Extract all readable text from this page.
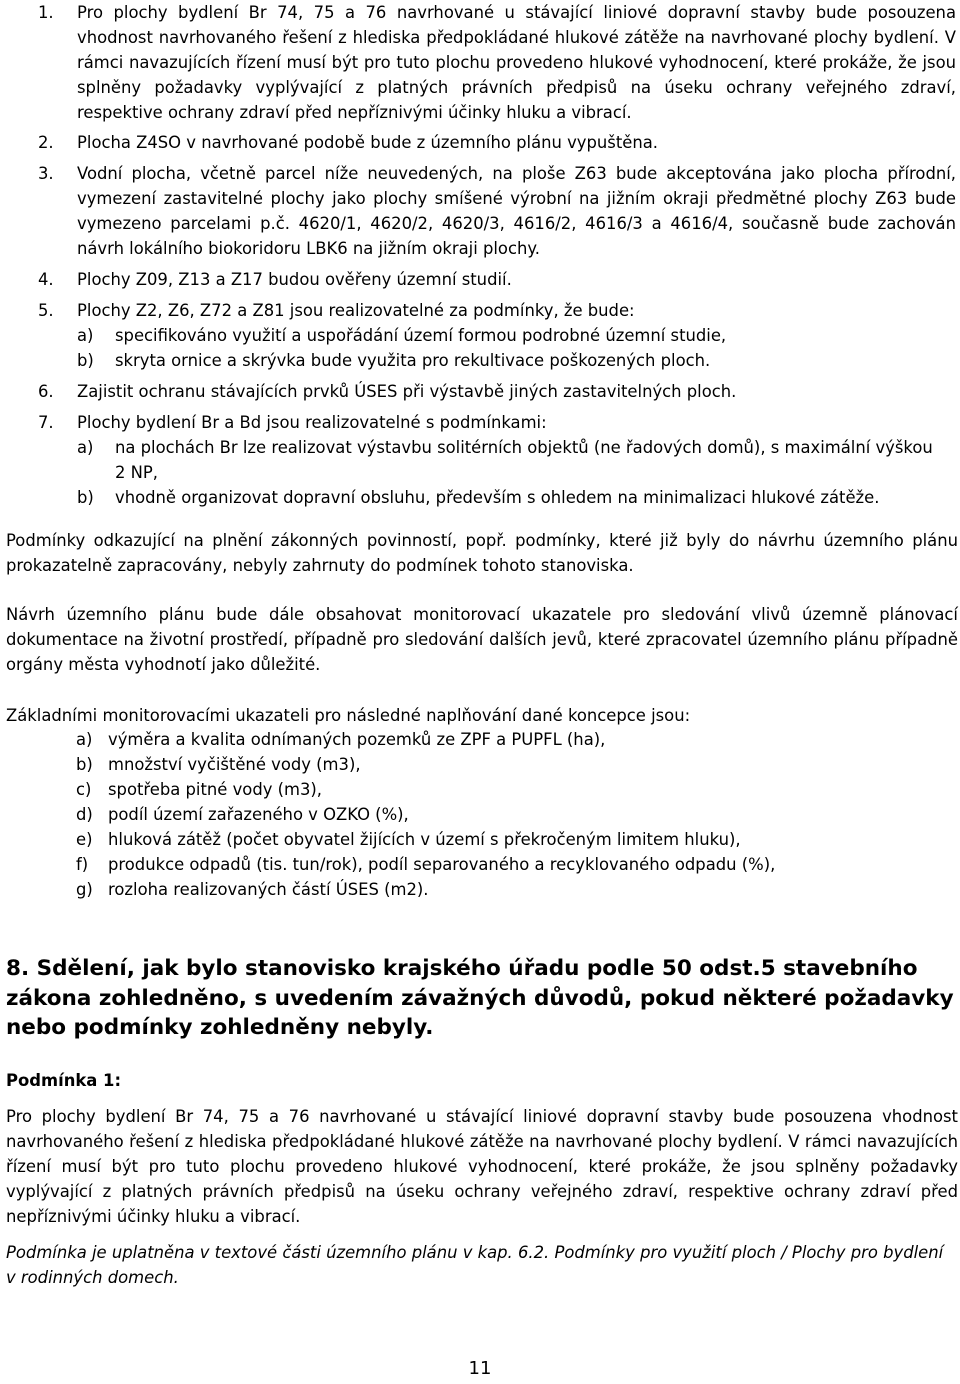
1. Pro plochy bydlení Br 74, 75 a 76 navrhované u stávající liniové dopravní stavby bude posouzena vhodnost navrhovaného řešení z hlediska předpokládané hlukové zátěže na navrhované plochy bydlení. V rámci navazujících řízení musí být pro tuto plochu provedeno hlukové vyhodnocení, které prokáže, že jsou splněny požadavky vyplývající z platných právních předpisů na úseku ochrany veřejného zdraví, respektive ochrany zdraví před nepříznivými účinky hluku a vibrací.
2. Plocha Z4SO v navrhované podobě bude z územního plánu vypuštěna.
3. Vodní plocha, včetně parcel níže neuvedených, na ploše Z63 bude akceptována jako plocha přírodní, vymezení zastavitelné plochy jako plochy smíšené výrobní na jižním okraji předmětné plochy Z63 bude vymezeno parcelami p.č. 4620/1, 4620/2, 4620/3, 4616/2, 4616/3 a 4616/4, současně bude zachován návrh lokálního biokoridoru LBK6 na jižním okraji plochy.
4. Plochy Z09, Z13 a Z17 budou ověřeny územní studií.
5. Plochy Z2, Z6, Z72 a Z81 jsou realizovatelné za podmínky, že bude:
a) specifikováno využití a uspořádání území formou podrobné územní studie,
b) skryta ornice a skrývka bude využita pro rekultivace poškozených ploch.
6. Zajistit ochranu stávajících prvků ÚSES při výstavbě jiných zastavitelných ploch.
7. Plochy bydlení Br a Bd jsou realizovatelné s podmínkami:
a) na plochách Br lze realizovat výstavbu solitérních objektů (ne řadových domů), s maximální výškou 2 NP,
b) vhodně organizovat dopravní obsluhu, především s ohledem na minimalizaci hlukové zátěže.
Podmínky odkazující na plnění zákonných povinností, popř. podmínky, které již byly do návrhu územního plánu prokazatelně zapracovány, nebyly zahrnuty do podmínek tohoto stanoviska.
Návrh územního plánu bude dále obsahovat monitorovací ukazatele pro sledování vlivů územně plánovací dokumentace na životní prostředí, případně pro sledování dalších jevů, které zpracovatel územního plánu případně orgány města vyhodnotí jako důležité.
Základními monitorovacími ukazateli pro následné naplňování dané koncepce jsou:
a) výměra a kvalita odnímaných pozemků ze ZPF a PUPFL (ha),
b) množství vyčištěné vody (m3),
c) spotřeba pitné vody (m3),
d) podíl území zařazeného v OZKO (%),
e) hluková zátěž (počet obyvatel žijících v území s překročeným limitem hluku),
f) produkce odpadů (tis. tun/rok), podíl separovaného a recyklovaného odpadu (%),
g) rozloha realizovaných částí ÚSES (m2).
8. Sdělení, jak bylo stanovisko krajského úřadu podle 50 odst.5 stavebního zákona zohledněno, s uvedením závažných důvodů, pokud některé požadavky nebo podmínky zohledněny nebyly.
Podmínka 1:
Pro plochy bydlení Br 74, 75 a 76 navrhované u stávající liniové dopravní stavby bude posouzena vhodnost navrhovaného řešení z hlediska předpokládané hlukové zátěže na navrhované plochy bydlení. V rámci navazujících řízení musí být pro tuto plochu provedeno hlukové vyhodnocení, které prokáže, že jsou splněny požadavky vyplývající z platných právních předpisů na úseku ochrany veřejného zdraví, respektive ochrany zdraví před nepříznivými účinky hluku a vibrací.
Podmínka je uplatněna v textové části územního plánu v kap. 6.2. Podmínky pro využití ploch / Plochy pro bydlení v rodinných domech.
11
